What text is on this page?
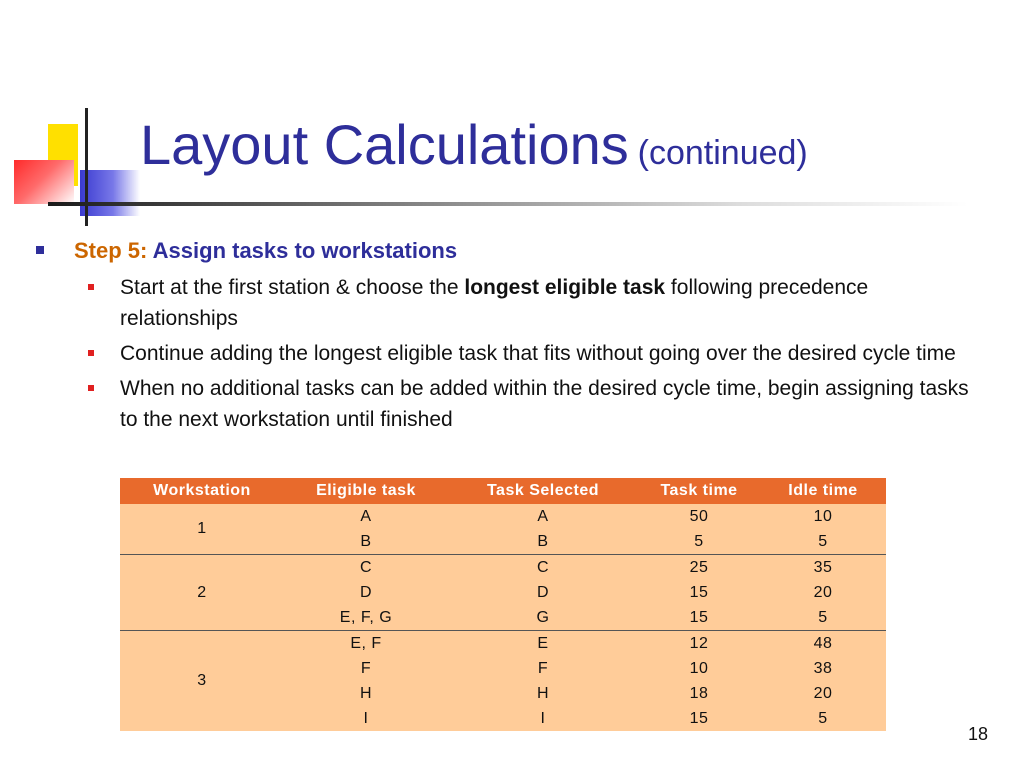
Layout Calculations (continued)
Step 5: Assign tasks to workstations
Start at the first station & choose the longest eligible task following precedence relationships
Continue adding the longest eligible task that fits without going over the desired cycle time
When no additional tasks can be added within the desired cycle time, begin assigning tasks to the next workstation until finished
Workstation	Eligible task	Task Selected	Task time	Idle time
1	A	A	50	10
	B	B	5	5
2	C	C	25	35
	D	D	15	20
	E, F, G	G	15	5
3	E, F	E	12	48
	F	F	10	38
	H	H	18	20
	I	I	15	5
18
